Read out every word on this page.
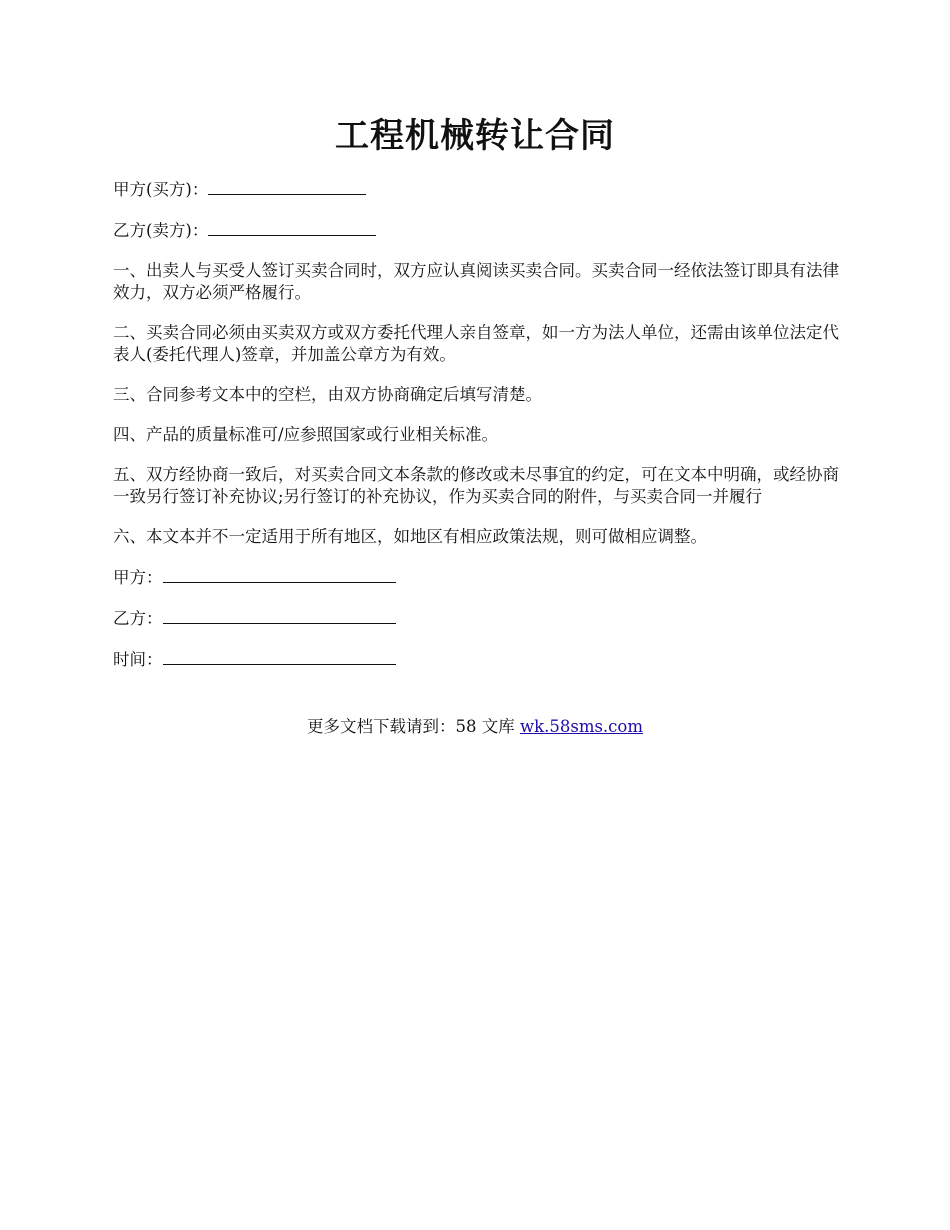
工程机械转让合同
甲方(买方)：
乙方(卖方)：

一、出卖人与买受人签订买卖合同时，双方应认真阅读买卖合同。买卖合同一经依法签订即具有法律效力，双方必须严格履行。

二、买卖合同必须由买卖双方或双方委托代理人亲自签章，如一方为法人单位，还需由该单位法定代表人(委托代理人)签章，并加盖公章方为有效。

三、合同参考文本中的空栏，由双方协商确定后填写清楚。

四、产品的质量标准可/应参照国家或行业相关标准。

五、双方经协商一致后，对买卖合同文本条款的修改或未尽事宜的约定，可在文本中明确，或经协商一致另行签订补充协议;另行签订的补充协议，作为买卖合同的附件，与买卖合同一并履行

六、本文本并不一定适用于所有地区，如地区有相应政策法规，则可做相应调整。

甲方：
乙方：
时间：
更多文档下载请到：58 文库 wk.58sms.com
